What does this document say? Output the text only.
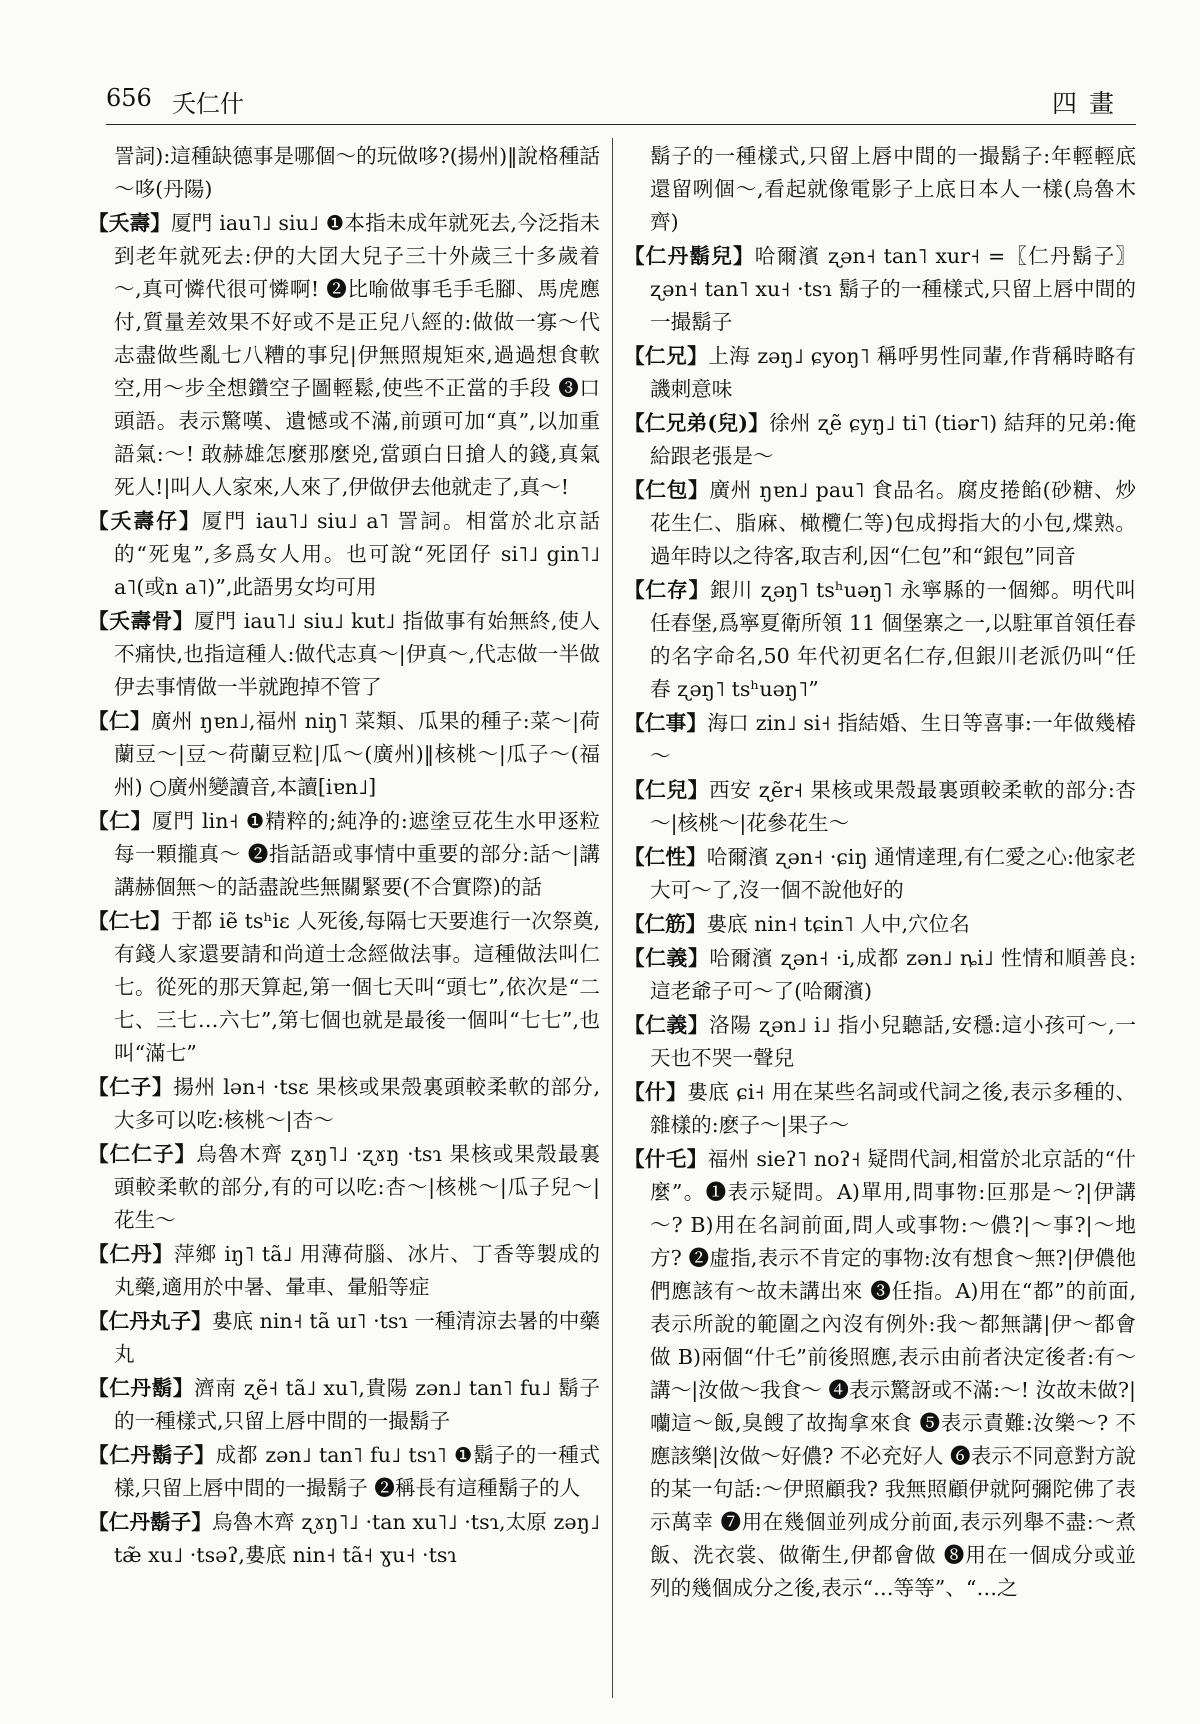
656 夭仁什	四畫

詈詞):這種缺德事是哪個～的玩做哆?(揚州)‖說格種話～哆(丹陽)

【夭壽】厦門 iau˥˩ siu˩ ❶本指未成年就死去,今泛指未到老年就死去:伊的大囝大兒子三十外歲三十多歲着～,真可憐代很可憐啊! ❷比喻做事毛手毛腳、馬虎應付,質量差效果不好或不是正兒八經的:做做一寡～代志盡做些亂七八糟的事兒|伊無照規矩來,過過想食軟空,用～步全想鑽空子圖輕鬆,使些不正當的手段 ❸口頭語。表示驚嘆、遺憾或不滿,前頭可加“真”,以加重語氣:～! 敢赫雄怎麼那麼兇,當頭白日搶人的錢,真氣死人!|叫人人家來,人來了,伊做伊去他就走了,真～!

【夭壽仔】厦門 iau˥˩ siu˩ a˥ 詈詞。相當於北京話的“死鬼”,多爲女人用。也可說“死囝仔 si˥˩ gin˥˩ a˥(或n a˥)”,此語男女均可用

【夭壽骨】厦門 iau˥˩ siu˩ kut˩ 指做事有始無終,使人不痛快,也指這種人:做代志真～|伊真～,代志做一半做伊去事情做一半就跑掉不管了

【仁】廣州 ŋɐn˩,福州 niŋ˥ 菜類、瓜果的種子:菜～|荷蘭豆～|豆～荷蘭豆粒|瓜～(廣州)‖核桃～|瓜子～(福州) ○廣州變讀音,本讀[iɐn˩]

【仁】厦門 lin˧ ❶精粹的;純净的:遮塗豆花生水甲逐粒每一顆攏真～ ❷指話語或事情中重要的部分:話～|講講赫個無～的話盡說些無關緊要(不合實際)的話

【仁七】于都 iẽ tsʰiɛ 人死後,每隔七天要進行一次祭奠,有錢人家還要請和尚道士念經做法事。這種做法叫仁七。從死的那天算起,第一個七天叫“頭七”,依次是“二七、三七…六七”,第七個也就是最後一個叫“七七”,也叫“滿七”

【仁子】揚州 lən˧ ·tsɛ 果核或果殼裏頭較柔軟的部分,大多可以吃:核桃～|杏～

【仁仁子】烏魯木齊 ʐɤŋ˥˩ ·ʐɤŋ ·tsɿ 果核或果殼最裏頭較柔軟的部分,有的可以吃:杏～|核桃～|瓜子兒～|花生～

【仁丹】萍鄉 iŋ˥ tã˩ 用薄荷腦、冰片、丁香等製成的丸藥,適用於中暑、暈車、暈船等症

【仁丹丸子】婁底 nin˧ tã uɪ˥ ·tsɿ 一種清涼去暑的中藥丸

【仁丹鬍】濟南 ʐẽ˧ tã˩ xu˥,貴陽 zən˩ tan˥ fu˩ 鬍子的一種樣式,只留上唇中間的一撮鬍子

【仁丹鬍子】成都 zən˩ tan˥ fu˩ tsɿ˥ ❶鬍子的一種式樣,只留上唇中間的一撮鬍子 ❷稱長有這種鬍子的人

【仁丹鬍子】烏魯木齊 ʐɤŋ˥˩ ·tan xu˥˩ ·tsɿ,太原 zəŋ˩ tæ̃ xu˩ ·tsəʔ,婁底 nin˧ tã˧ ɣu˧ ·tsɿ

鬍子的一種樣式,只留上唇中間的一撮鬍子:年輕輕底還留咧個～,看起就像電影子上底日本人一樣(烏魯木齊)

【仁丹鬍兒】哈爾濱 ʐən˧ tan˥ xur˧ =〖仁丹鬍子〗ʐən˧ tan˥ xu˧ ·tsɿ 鬍子的一種樣式,只留上唇中間的一撮鬍子

【仁兄】上海 zəŋ˩ ɕyoŋ˥ 稱呼男性同輩,作背稱時略有譏刺意味

【仁兄弟(兒)】徐州 ʐẽ ɕyŋ˩ ti˥ (tiər˥) 結拜的兄弟:俺給跟老張是～

【仁包】廣州 ŋɐn˩ pau˥ 食品名。腐皮捲餡(砂糖、炒花生仁、脂麻、橄欖仁等)包成拇指大的小包,煠熟。過年時以之待客,取吉利,因“仁包”和“銀包”同音

【仁存】銀川 ʐəŋ˥ tsʰuəŋ˥ 永寧縣的一個鄉。明代叫任春堡,爲寧夏衛所領 11 個堡寨之一,以駐軍首領任春的名字命名,50 年代初更名仁存,但銀川老派仍叫“任春 ʐəŋ˥ tsʰuəŋ˥”

【仁事】海口 zin˩ si˧ 指結婚、生日等喜事:一年做幾椿～

【仁兒】西安 ʐẽr˧ 果核或果殼最裏頭較柔軟的部分:杏～|核桃～|花參花生～

【仁性】哈爾濱 ʐən˧ ·ɕiŋ 通情達理,有仁愛之心:他家老大可～了,沒一個不說他好的

【仁筋】婁底 nin˧ tɕin˥ 人中,穴位名

【仁義】哈爾濱 ʐən˧ ·i,成都 zən˩ ȵi˩ 性情和順善良:這老爺子可～了(哈爾濱)

【仁義】洛陽 ʐən˩ i˩ 指小兒聽話,安穩:這小孩可～,一天也不哭一聲兒

【什】婁底 ɕi˧ 用在某些名詞或代詞之後,表示多種的、雜樣的:麽子～|果子～

【什乇】福州 sieʔ˥ noʔ˧ 疑問代詞,相當於北京話的“什麼”。❶表示疑問。A)單用,問事物:叵那是～?|伊講～? B)用在名詞前面,問人或事物:～儂?|～事?|～地方? ❷虛指,表示不肯定的事物:汝有想食～無?|伊儂他們應該有～故未講出來 ❸任指。A)用在“都”的前面,表示所說的範圍之內沒有例外:我～都無講|伊～都會做 B)兩個“什乇”前後照應,表示由前者決定後者:有～講～|汝做～我食～ ❹表示驚訝或不滿:～! 汝故未做?|囒這～飯,臭餿了故掏拿來食 ❺表示責難:汝樂～? 不應該樂|汝做～好儂? 不必充好人 ❻表示不同意對方說的某一句話:～伊照顧我? 我無照顧伊就阿彌陀佛了表示萬幸 ❼用在幾個並列成分前面,表示列舉不盡:～煮飯、洗衣裳、做衛生,伊都會做 ❽用在一個成分或並列的幾個成分之後,表示“…等等”、“…之
